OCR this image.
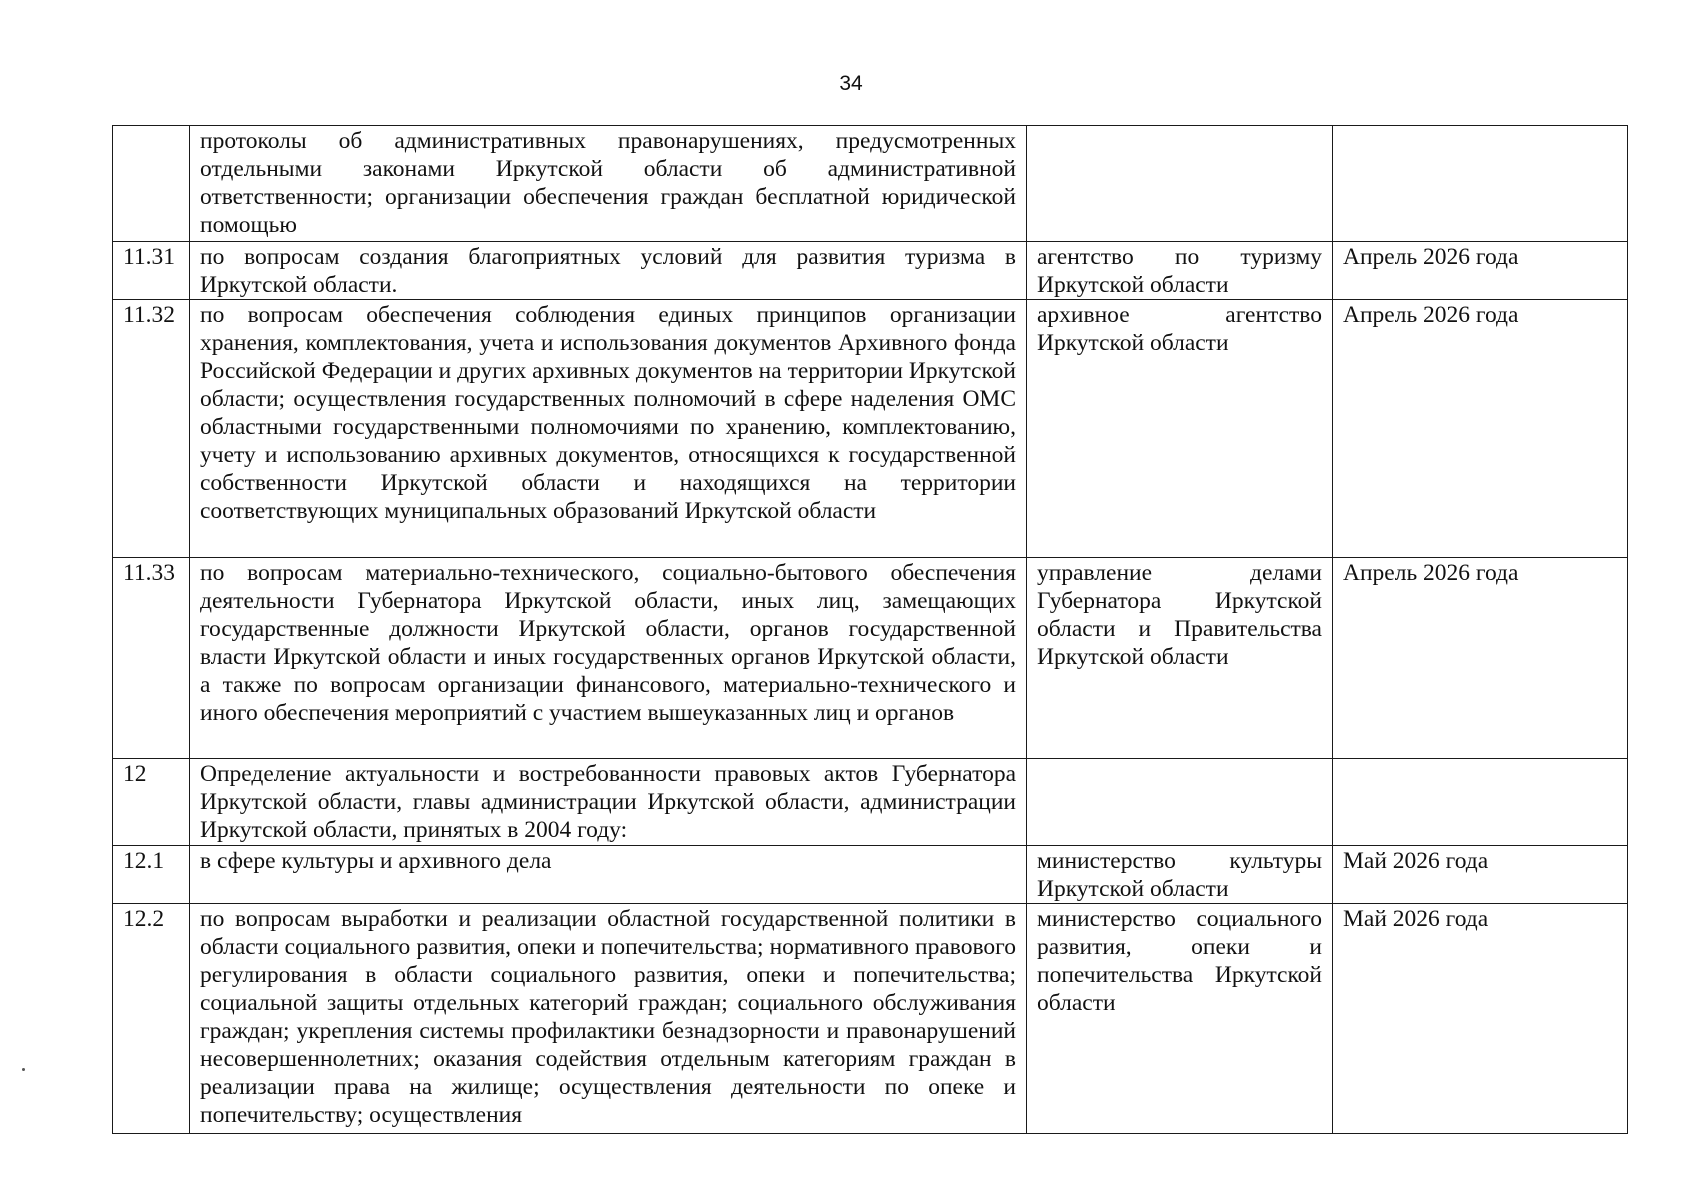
34
	протоколы об административных правонарушениях, предусмотренных отдельными законами Иркутской области об административной ответственности; организации обеспечения граждан бесплатной юридической помощью		
11.31	по вопросам создания благоприятных условий для развития туризма в Иркутской области.	агентство по туризму Иркутской области	Апрель 2026 года
11.32	по вопросам обеспечения соблюдения единых принципов организации хранения, комплектования, учета и использования документов Архивного фонда Российской Федерации и других архивных документов на территории Иркутской области; осуществления государственных полномочий в сфере наделения ОМС областными государственными полномочиями по хранению, комплектованию, учету и использованию архивных документов, относящихся к государственной собственности Иркутской области и находящихся на территории соответствующих муниципальных образований Иркутской области	архивное агентство Иркутской области	Апрель 2026 года
11.33	по вопросам материально-технического, социально-бытового обеспечения деятельности Губернатора Иркутской области, иных лиц, замещающих государственные должности Иркутской области, органов государственной власти Иркутской области и иных государственных органов Иркутской области, а также по вопросам организации финансового, материально-технического и иного обеспечения мероприятий с участием вышеуказанных лиц и органов	управление делами Губернатора Иркутской области и Правительства Иркутской области	Апрель 2026 года
12	Определение актуальности и востребованности правовых актов Губернатора Иркутской области, главы администрации Иркутской области, администрации Иркутской области, принятых в 2004 году:		
12.1	в сфере культуры и архивного дела	министерство культуры Иркутской области	Май 2026 года
12.2	по вопросам выработки и реализации областной государственной политики в области социального развития, опеки и попечительства; нормативного правового регулирования в области социального развития, опеки и попечительства; социальной защиты отдельных категорий граждан; социального обслуживания граждан; укрепления системы профилактики безнадзорности и правонарушений несовершеннолетних; оказания содействия отдельным категориям граждан в реализации права на жилище; осуществления деятельности по опеке и попечительству; осуществления	министерство социального развития, опеки и попечительства Иркутской области	Май 2026 года
